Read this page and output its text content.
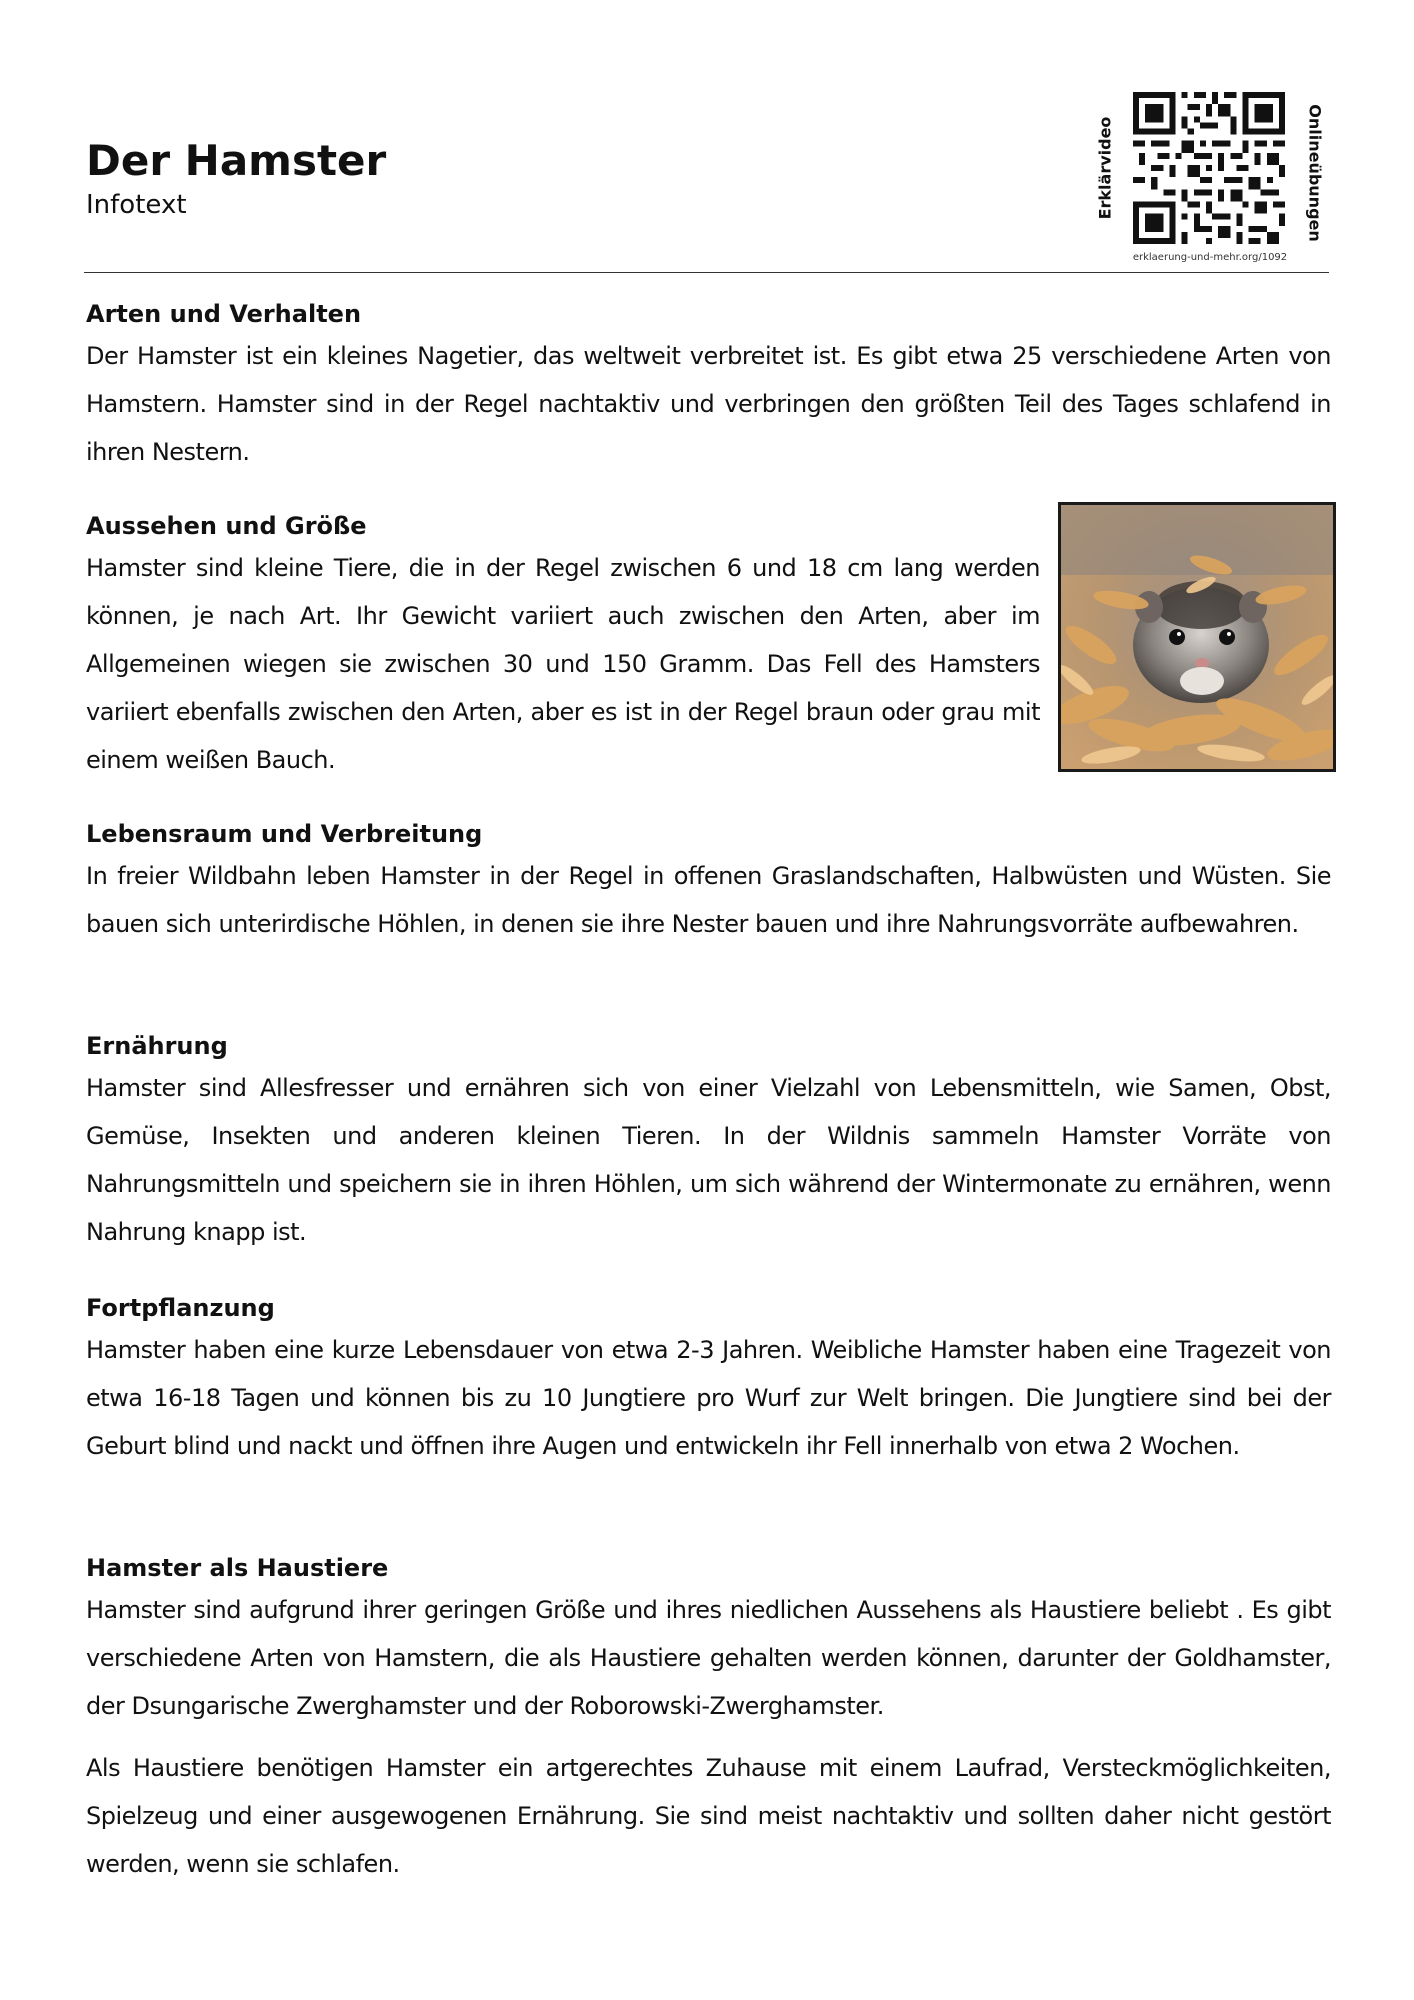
Der Hamster
Infotext	Erklärvideo	Onlineübungen
erklaerung-und-mehr.org/1092
Arten und Verhalten

Der Hamster ist ein kleines Nagetier, das weltweit verbreitet ist. Es gibt etwa 25 verschiedene Arten von Hamstern. Hamster sind in der Regel nachtaktiv und verbringen den größten Teil des Tages schlafend in ihren Nestern.

Aussehen und Größe

Hamster sind kleine Tiere, die in der Regel zwischen 6 und 18 cm lang werden können, je nach Art. Ihr Gewicht variiert auch zwischen den Arten, aber im Allgemeinen wiegen sie zwischen 30 und 150 Gramm. Das Fell des Hamsters variiert ebenfalls zwischen den Arten, aber es ist in der Regel braun oder grau mit einem weißen Bauch.

Lebensraum und Verbreitung

In freier Wildbahn leben Hamster in der Regel in offenen Graslandschaften, Halbwüsten und Wüsten. Sie bauen sich unterirdische Höhlen, in denen sie ihre Nester bauen und ihre Nahrungsvorräte aufbewahren.

Ernährung

Hamster sind Allesfresser und ernähren sich von einer Vielzahl von Lebensmitteln, wie Samen, Obst, Gemüse, Insekten und anderen kleinen Tieren. In der Wildnis sammeln Hamster Vorräte von Nahrungsmitteln und speichern sie in ihren Höhlen, um sich während der Wintermonate zu ernähren, wenn Nahrung knapp ist.

Fortpflanzung

Hamster haben eine kurze Lebensdauer von etwa 2-3 Jahren. Weibliche Hamster haben eine Tragezeit von etwa 16-18 Tagen und können bis zu 10 Jungtiere pro Wurf zur Welt bringen. Die Jungtiere sind bei der Geburt blind und nackt und öffnen ihre Augen und entwickeln ihr Fell innerhalb von etwa 2 Wochen.

Hamster als Haustiere

Hamster sind aufgrund ihrer geringen Größe und ihres niedlichen Aussehens als Haustiere beliebt . Es gibt verschiedene Arten von Hamstern, die als Haustiere gehalten werden können, darunter der Goldhamster, der Dsungarische Zwerghamster und der Roborowski-Zwerghamster.

Als Haustiere benötigen Hamster ein artgerechtes Zuhause mit einem Laufrad, Versteckmöglichkeiten, Spielzeug und einer ausgewogenen Ernährung. Sie sind meist nachtaktiv und sollten daher nicht gestört werden, wenn sie schlafen.
